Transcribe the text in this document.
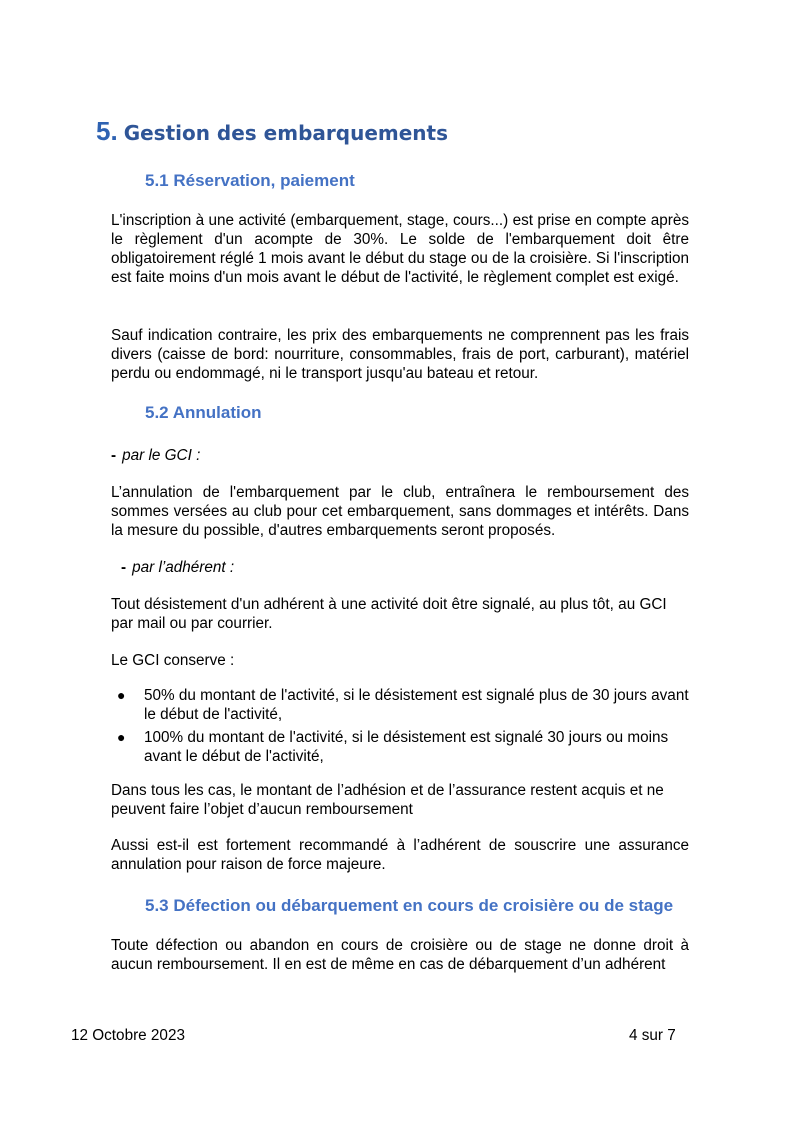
5. Gestion des embarquements
5.1 Réservation, paiement

L'inscription à une activité (embarquement, stage, cours...) est prise en compte après le règlement d'un acompte de 30%. Le solde de l'embarquement doit être obligatoirement réglé 1 mois avant le début du stage ou de la croisière. Si l'inscription est faite moins d'un mois avant le début de l'activité, le règlement complet est exigé.

Sauf indication contraire, les prix des embarquements ne comprennent pas les frais divers (caisse de bord: nourriture, consommables, frais de port, carburant), matériel perdu ou endommagé, ni le transport jusqu'au bateau et retour.

5.2 Annulation

- par le GCI :

L’annulation de l'embarquement par le club, entraînera le remboursement des sommes versées au club pour cet embarquement, sans dommages et intérêts. Dans la mesure du possible, d'autres embarquements seront proposés.

- par l’adhérent :

Tout désistement d'un adhérent à une activité doit être signalé, au plus tôt, au GCI par mail ou par courrier.

Le GCI conserve :

● 50% du montant de l'activité, si le désistement est signalé plus de 30 jours avant le début de l'activité,
● 100% du montant de l'activité, si le désistement est signalé 30 jours ou moins avant le début de l'activité,

Dans tous les cas, le montant de l’adhésion et de l’assurance restent acquis et ne peuvent faire l’objet d’aucun remboursement

Aussi est-il est fortement recommandé à l’adhérent de souscrire une assurance annulation pour raison de force majeure.

5.3 Défection ou débarquement en cours de croisière ou de stage

Toute défection ou abandon en cours de croisière ou de stage ne donne droit à aucun remboursement. Il en est de même en cas de débarquement d’un adhérent

12 Octobre 2023	4 sur 7
